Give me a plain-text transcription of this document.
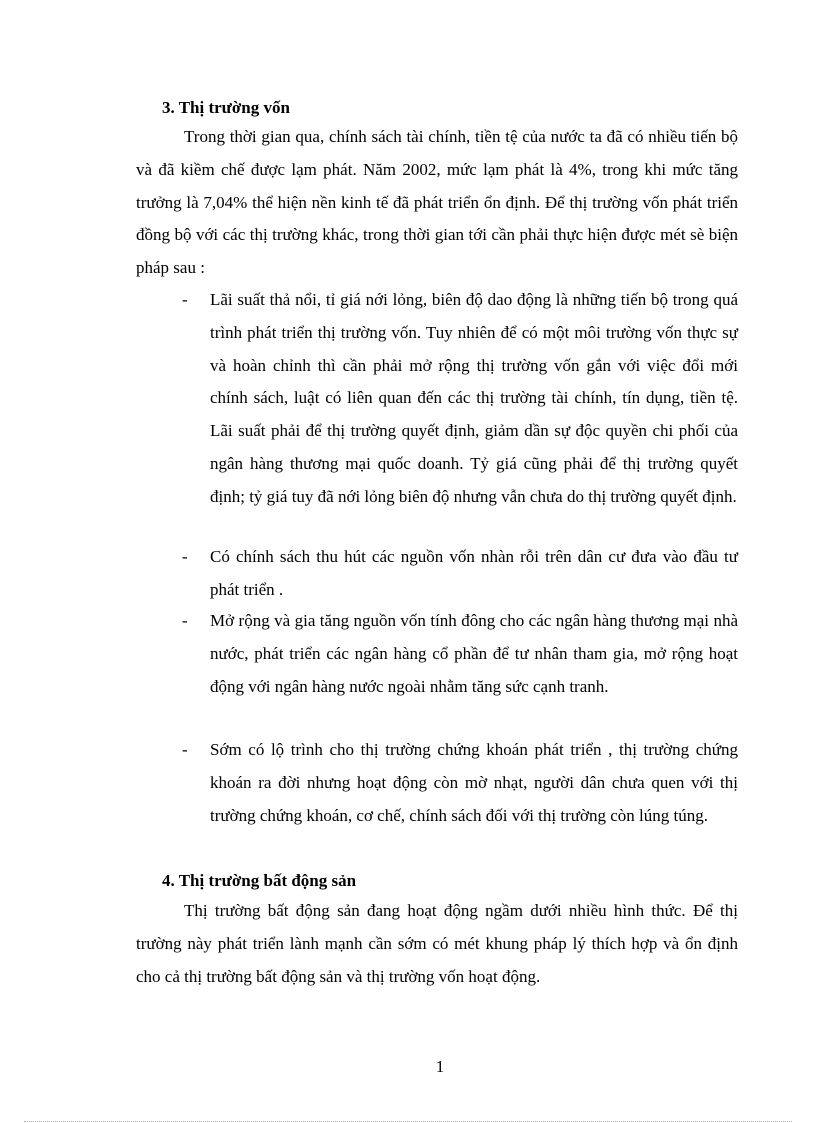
3. Thị trường vốn
Trong thời gian qua, chính sách tài chính, tiền tệ của nước ta đã có nhiều tiến bộ và đã kiềm chế được lạm phát. Năm 2002, mức lạm phát là 4%, trong khi mức tăng trưởng là 7,04% thể hiện nền kinh tế đã phát triển ổn định. Để thị trường vốn phát triển đồng bộ với các thị trường khác, trong thời gian tới cần phải thực hiện được mét sè biện pháp sau :
- Lãi suất thả nổi, tỉ giá nới lỏng, biên độ dao động là những tiến bộ trong quá trình phát triển thị trường vốn. Tuy nhiên để có một môi trường vốn thực sự và hoàn chỉnh thì cần phải mở rộng thị trường vốn gắn với việc đổi mới chính sách, luật có liên quan đến các thị trường tài chính, tín dụng, tiền tệ. Lãi suất phải để thị trường quyết định, giảm dần sự độc quyền chi phối của ngân hàng thương mại quốc doanh. Tỷ giá cũng phải để thị trường quyết định; tỷ giá tuy đã nới lỏng biên độ nhưng vẫn chưa do thị trường quyết định.
- Có chính sách thu hút các nguồn vốn nhàn rỗi trên dân cư đưa vào đầu tư phát triển .
- Mở rộng và gia tăng nguồn vốn tính đông cho các ngân hàng thương mại nhà nước, phát triển các ngân hàng cổ phần để tư nhân tham gia, mở rộng hoạt động với ngân hàng nước ngoài nhằm tăng sức cạnh tranh.
- Sớm có lộ trình cho thị trường chứng khoán phát triển , thị trường chứng khoán ra đời nhưng hoạt động còn mờ nhạt, người dân chưa quen với thị trường chứng khoán, cơ chế, chính sách đối với thị trường còn lúng túng.
4. Thị trường bất động sản
Thị trường bất động sản đang hoạt động ngầm dưới nhiều hình thức. Để thị trường này phát triển lành mạnh cần sớm có mét khung pháp lý thích hợp và ổn định cho cả thị trường bất động sản và thị trường vốn hoạt động.
1
